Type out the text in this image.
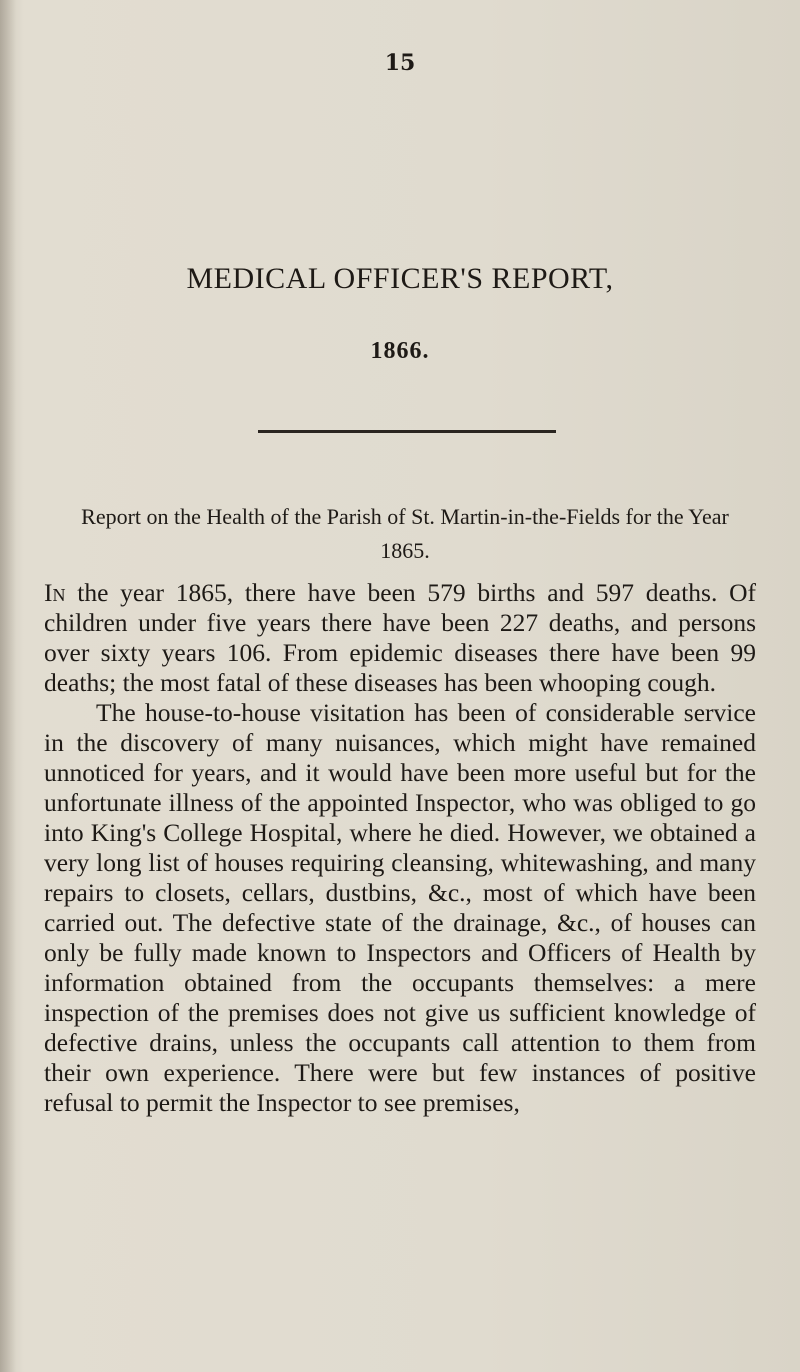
15
MEDICAL OFFICER'S REPORT,
1866.
Report on the Health of the Parish of St. Martin-in-the-Fields for the Year 1865.

In the year 1865, there have been 579 births and 597 deaths. Of children under five years there have been 227 deaths, and persons over sixty years 106. From epidemic diseases there have been 99 deaths; the most fatal of these diseases has been whooping cough.

The house-to-house visitation has been of considerable service in the discovery of many nuisances, which might have remained unnoticed for years, and it would have been more useful but for the unfortunate illness of the appointed Inspector, who was obliged to go into King's College Hospital, where he died. However, we obtained a very long list of houses requiring cleansing, whitewashing, and many repairs to closets, cellars, dustbins, &c., most of which have been carried out. The defective state of the drainage, &c., of houses can only be fully made known to Inspectors and Officers of Health by information obtained from the occupants themselves: a mere inspection of the premises does not give us sufficient knowledge of defective drains, unless the occupants call attention to them from their own experience. There were but few instances of positive refusal to permit the Inspector to see premises,
